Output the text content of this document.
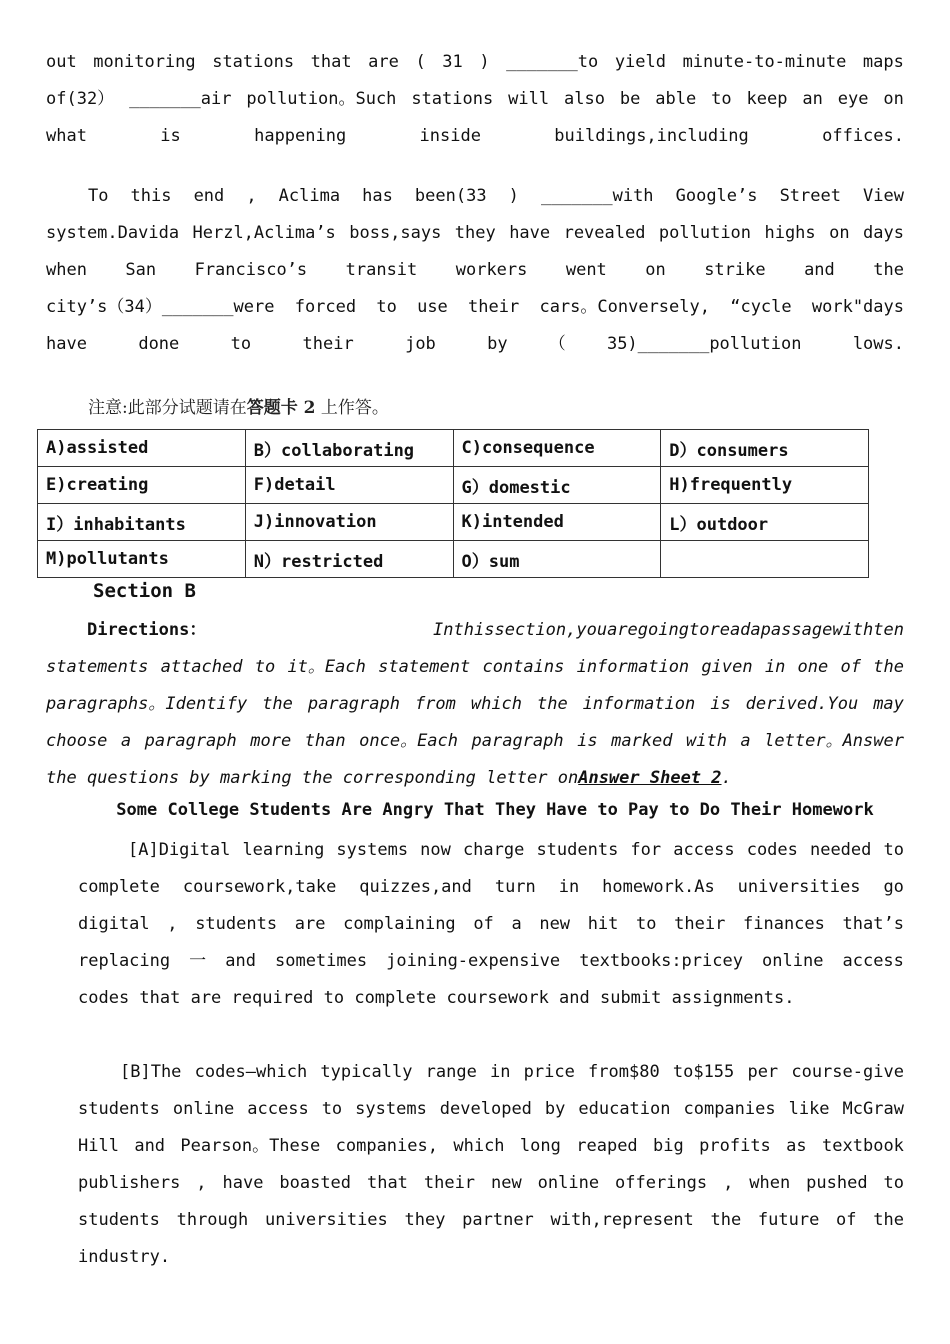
out monitoring stations that are ( 31 ) _______to yield minute-to-minute maps
of(32） _______air pollution。Such stations will also be able to keep an eye on
what is happening inside buildings,including offices.
To this end , Aclima has been(33 ) _______with Google’s Street View
system.Davida Herzl,Aclima’s boss,says they have revealed pollution highs on days
when San Francisco’s transit workers went on strike and the
city’s（34）_______were forced to use their cars。Conversely, “cycle work"days
have done to their job by（35)_______pollution lows.
注意:此部分试题请在答题卡 2 上作答。
A)assisted	B）collaborating	C)consequence	D）consumers
E)creating	F)detail	G）domestic	H)frequently
I）inhabitants	J)innovation	K)intended	L）outdoor
M)pollutants	N）restricted	O）sum	
Section B
Directions：	In this section,you are going to read a passage with ten
statements attached to it。Each statement contains information given in one of the
paragraphs。Identify the paragraph from which the information is derived.You may
choose a paragraph more than once。Each paragraph is marked with a letter。Answer
the questions by marking the corresponding letter onAnswer Sheet 2.
Some College Students Are Angry That They Have to Pay to Do Their Homework
[A]Digital learning systems now charge students for access codes needed to
complete coursework,take quizzes,and turn in homework.As universities go
digital , students are complaining of a new hit to their finances that’s
replacing 一 and sometimes joining-expensive textbooks:pricey online access
codes that are required to complete coursework and submit assignments.
[B]The codes—which typically range in price from$80 to$155 per course-give
students online access to systems developed by education companies like McGraw
Hill and Pearson。These companies, which long reaped big profits as textbook
publishers , have boasted that their new online offerings , when pushed to
students through universities they partner with,represent the future of the
industry.
